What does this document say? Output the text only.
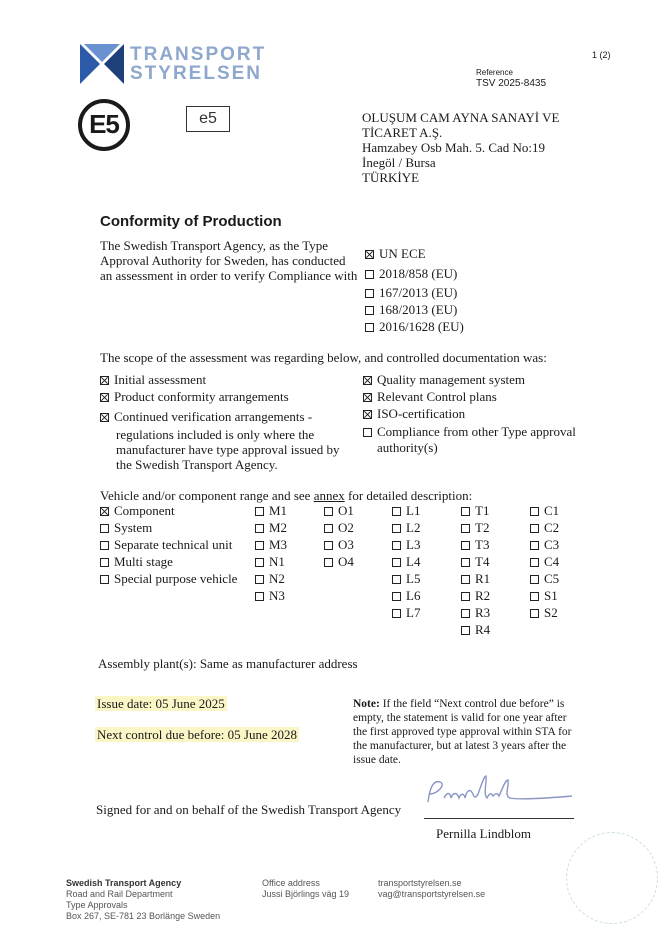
TRANSPORT
STYRELSEN
1 (2)
Reference
TSV 2025-8435
E5	e5	OLUŞUM CAM AYNA SANAYİ VE
TİCARET A.Ş.
Hamzabey Osb Mah. 5. Cad No:19
İnegöl / Bursa
TÜRKİYE
Conformity of Production
The Swedish Transport Agency, as the Type
Approval Authority for Sweden, has conducted
an assessment in order to verify Compliance with
UN ECE
2018/858 (EU)
167/2013 (EU)
168/2013 (EU)
2016/1628 (EU)
The scope of the assessment was regarding below, and controlled documentation was:
Initial assessment
Product conformity arrangements
Continued verification arrangements -
regulations included is only where the
manufacturer have type approval issued by
the Swedish Transport Agency.
Quality management system
Relevant Control plans
ISO-certification
Compliance from other Type approval
authority(s)
Vehicle and/or component range and see annex for detailed description:
Assembly plant(s): Same as manufacturer address
Issue date: 05 June 2025
Next control due before: 05 June 2028
Note: If the field “Next control due before” is
empty, the statement is valid for one year after
the first approved type approval within STA for
the manufacturer, but at latest 3 years after the
issue date.
Signed for and on behalf of the Swedish Transport Agency
Pernilla Lindblom
Swedish Transport Agency
Road and Rail Department
Type Approvals
Box 267, SE-781 23 Borlänge Sweden
Office address
Jussi Björlings väg 19
transportstyrelsen.se
vag@transportstyrelsen.se
Component
System
Separate technical unit
Multi stage
Special purpose vehicle
M1
M2
M3
N1
N2
N3
O1
O2
O3
O4
L1
L2
L3
L4
L5
L6
L7
T1
T2
T3
T4
R1
R2
R3
R4
C1
C2
C3
C4
C5
S1
S2
